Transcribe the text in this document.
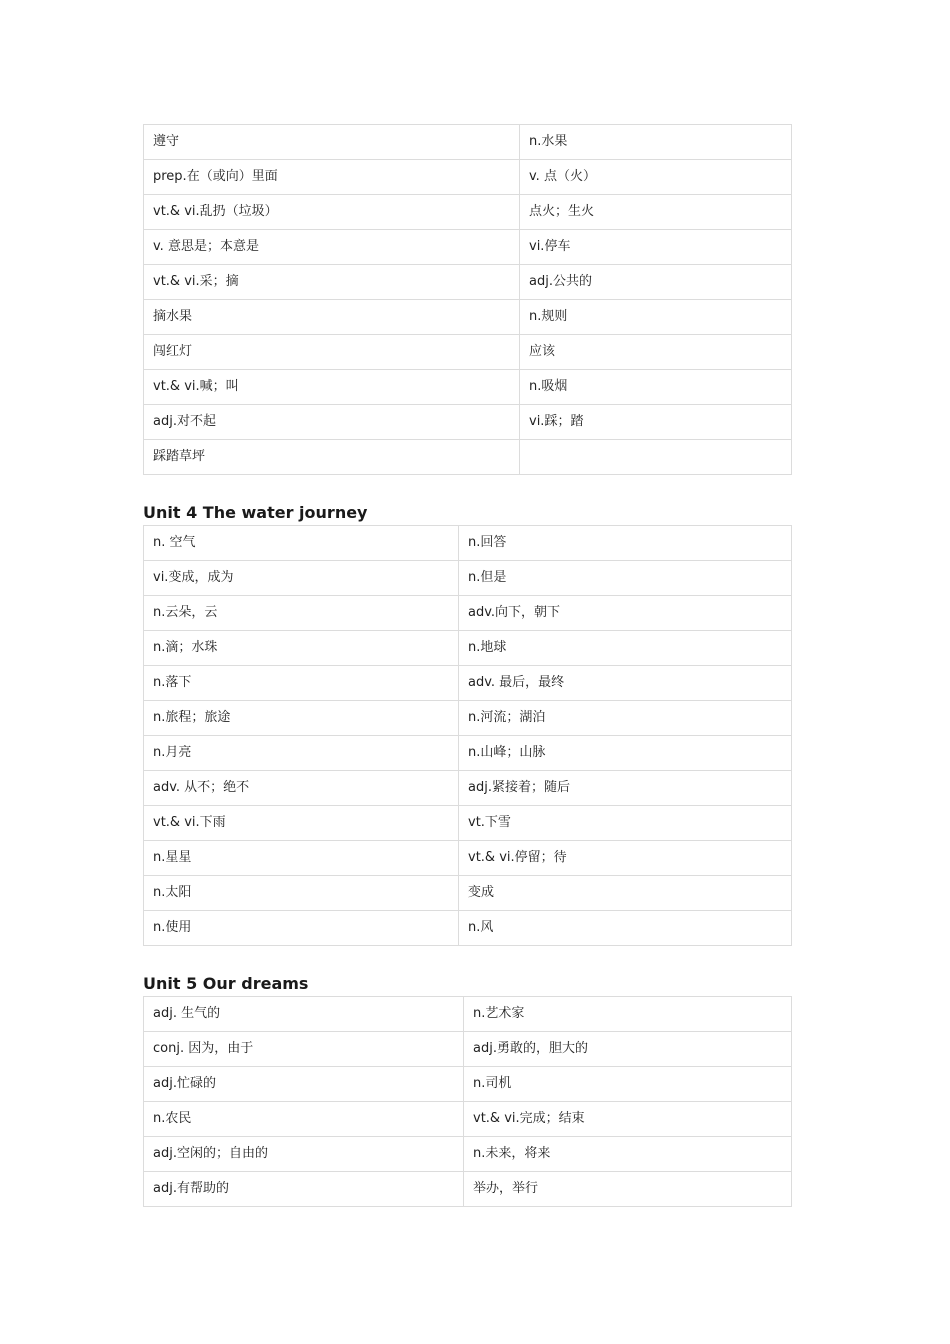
遵守	n.水果
prep.在（或向）里面	v. 点（火）
vt.& vi.乱扔（垃圾）	点火；生火
v. 意思是；本意是	vi.停车
vt.& vi.采；摘	adj.公共的
摘水果	n.规则
闯红灯	应该
vt.& vi.喊；叫	n.吸烟
adj.对不起	vi.踩；踏
踩踏草坪	
Unit 4 The water journey
n. 空气	n.回答
vi.变成，成为	n.但是
n.云朵，云	adv.向下，朝下
n.滴；水珠	n.地球
n.落下	adv. 最后，最终
n.旅程；旅途	n.河流；湖泊
n.月亮	n.山峰；山脉
adv. 从不；绝不	adj.紧接着；随后
vt.& vi.下雨	vt.下雪
n.星星	vt.& vi.停留；待
n.太阳	变成
n.使用	n.风
Unit 5 Our dreams
adj. 生气的	n.艺术家
conj. 因为，由于	adj.勇敢的，胆大的
adj.忙碌的	n.司机
n.农民	vt.& vi.完成；结束
adj.空闲的；自由的	n.未来，将来
adj.有帮助的	举办，举行
